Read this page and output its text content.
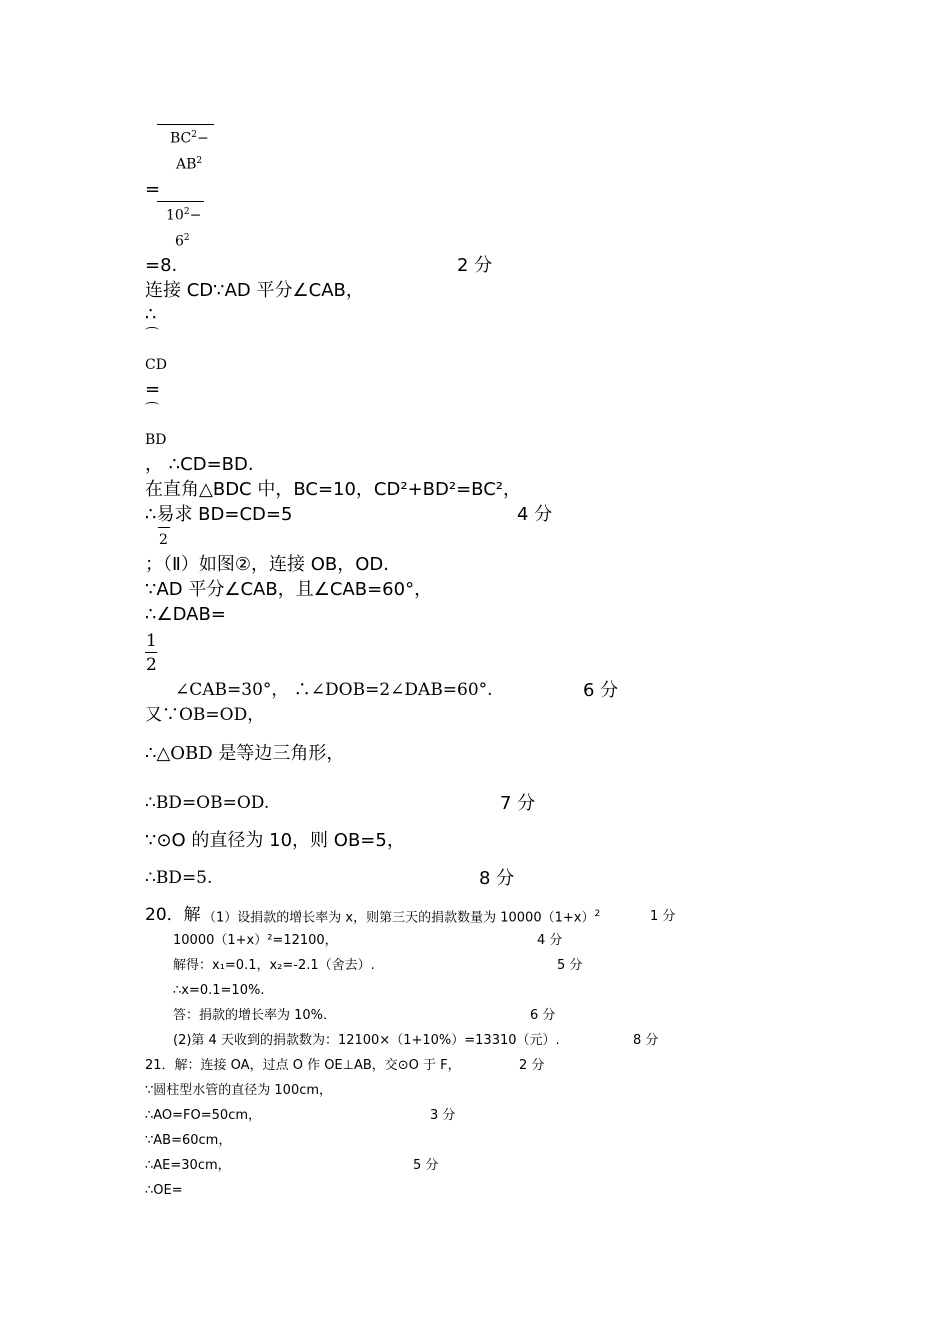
$BC^2-$
$AB^2$
=
$10^2-$
$6^2$
=8.	2 分
连接 CD∵AD 平分∠CAB，
∴
CD
=
BD
， ∴CD=BD.
在直角△BDC 中，BC=10，CD²+BD²=BC²，
∴易求 BD=CD=5	4 分
2
；（Ⅱ）如图②，连接 OB，OD.
∵AD 平分∠CAB，且∠CAB=60°，
∴∠DAB=
1
2
∠CAB=30°， ∴∠DOB=2∠DAB=60°.	6 分
又∵OB=OD，
∴△OBD 是等边三角形，
∴BD=OB=OD.	7 分
∵⊙O 的直径为 10，则 OB=5，
∴BD=5.	8 分
20．解 （1）设捐款的增长率为 x，则第三天的捐款数量为 $10000(1+x)^2$	1 分
10000（1+x）²=12100，	4 分
解得：x₁=0.1，x₂=-2.1（舍去）.	5 分
∴x=0.1=10%.
答：捐款的增长率为 10%.	6 分
(2)第 4 天收到的捐款数为：12100×（1+10%）=13310（元）.	8 分
21．解：连接 OA，过点 O 作 OE⊥AB，交⊙O 于 F，	2 分
∵圆柱型水管的直径为 100cm，
∴AO=FO=50cm，	3 分
∵AB=60cm，
∴AE=30cm，	5 分
∴OE=
